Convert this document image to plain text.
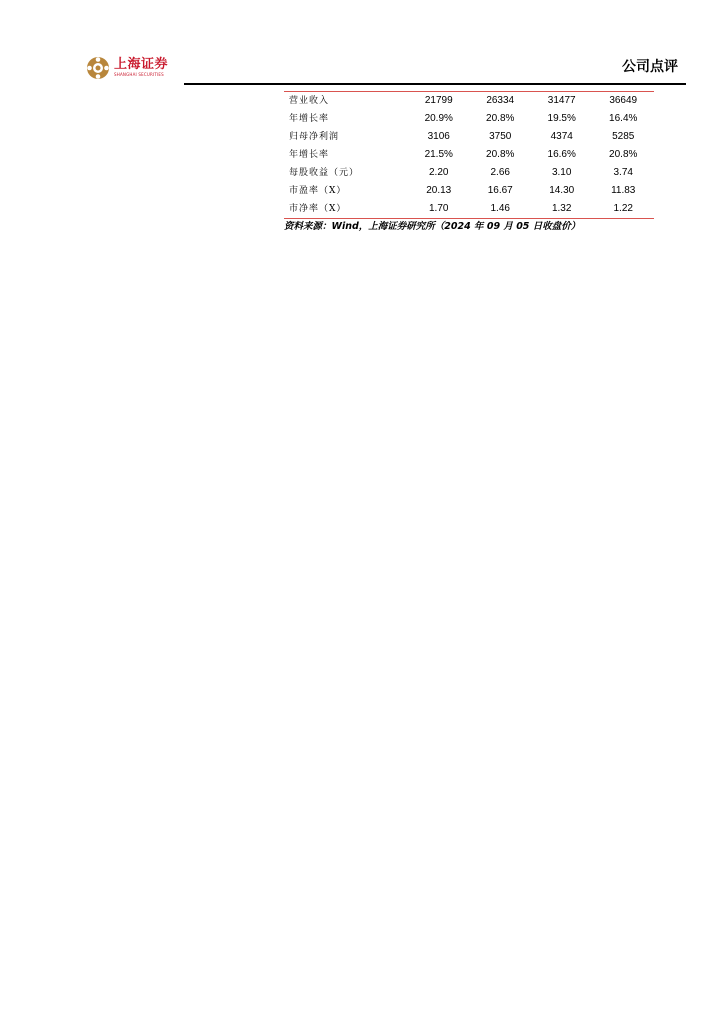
上海证券
SHANGHAI SECURITIES	公司点评
营业收入	21799	26334	31477	36649
年增长率	20.9%	20.8%	19.5%	16.4%
归母净利润	3106	3750	4374	5285
年增长率	21.5%	20.8%	16.6%	20.8%
每股收益（元）	2.20	2.66	3.10	3.74
市盈率（X）	20.13	16.67	14.30	11.83
市净率（X）	1.70	1.46	1.32	1.22
资料来源：Wind，上海证券研究所（2024 年 09 月 05 日收盘价）
